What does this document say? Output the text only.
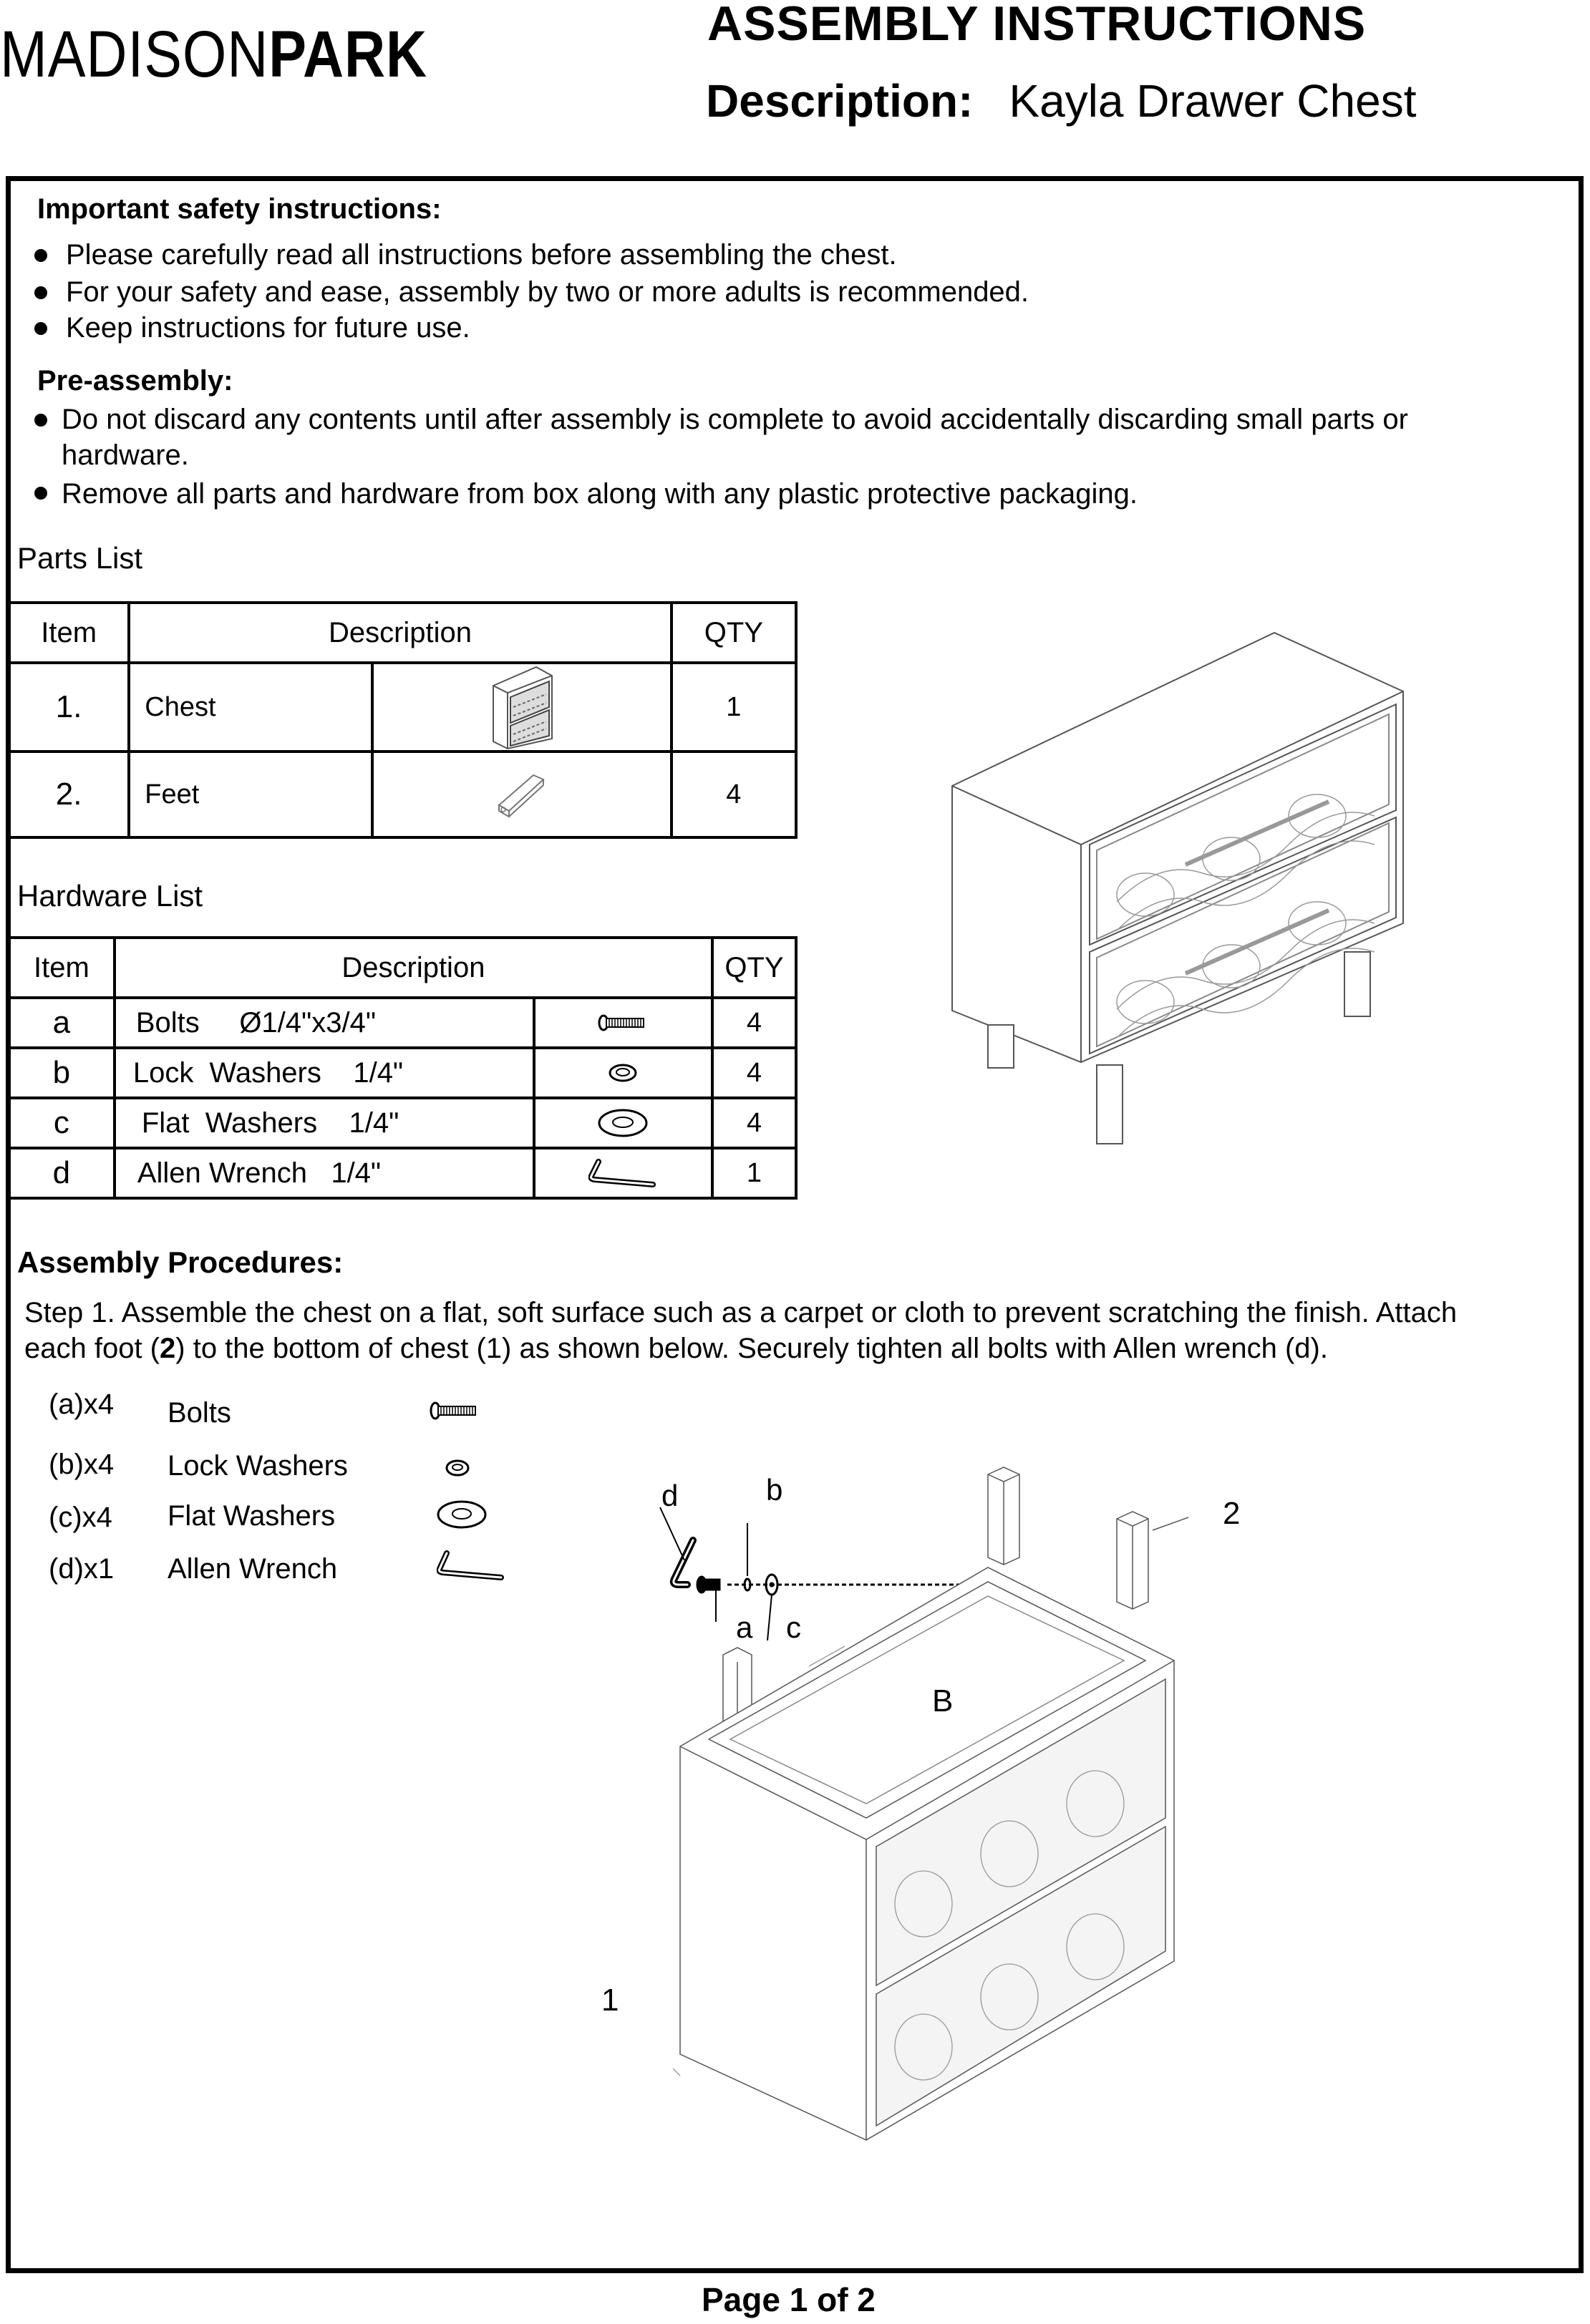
MADISONPARK	ASSEMBLY INSTRUCTIONS
Description: Kayla Drawer Chest
Important safety instructions:
Please carefully read all instructions before assembling the chest.
For your safety and ease, assembly by two or more adults is recommended.
Keep instructions for future use.
Pre-assembly:
Do not discard any contents until after assembly is complete to avoid accidentally discarding small parts or
hardware.
Remove all parts and hardware from box along with any plastic protective packaging.
Parts List
Item	Description		QTY
1.	Chest		1
2.	Feet		4
Hardware List
Item	Description		QTY
a	Bolts     Ø1/4"x3/4"		4
b	Lock  Washers    1/4"		4
c	Flat  Washers    1/4"		4
d	Allen Wrench   1/4"		1
Assembly Procedures:
Step 1. Assemble the chest on a flat, soft surface such as a carpet or cloth to prevent scratching the finish. Attach
each foot (2) to the bottom of chest (1) as shown below. Securely tighten all bolts with Allen wrench (d).
(a)x4 Bolts
(b)x4 Lock Washers
(c)x4 Flat Washers
(d)x1 Allen Wrench
d	b
a c
2
B
1
Page 1 of 2
